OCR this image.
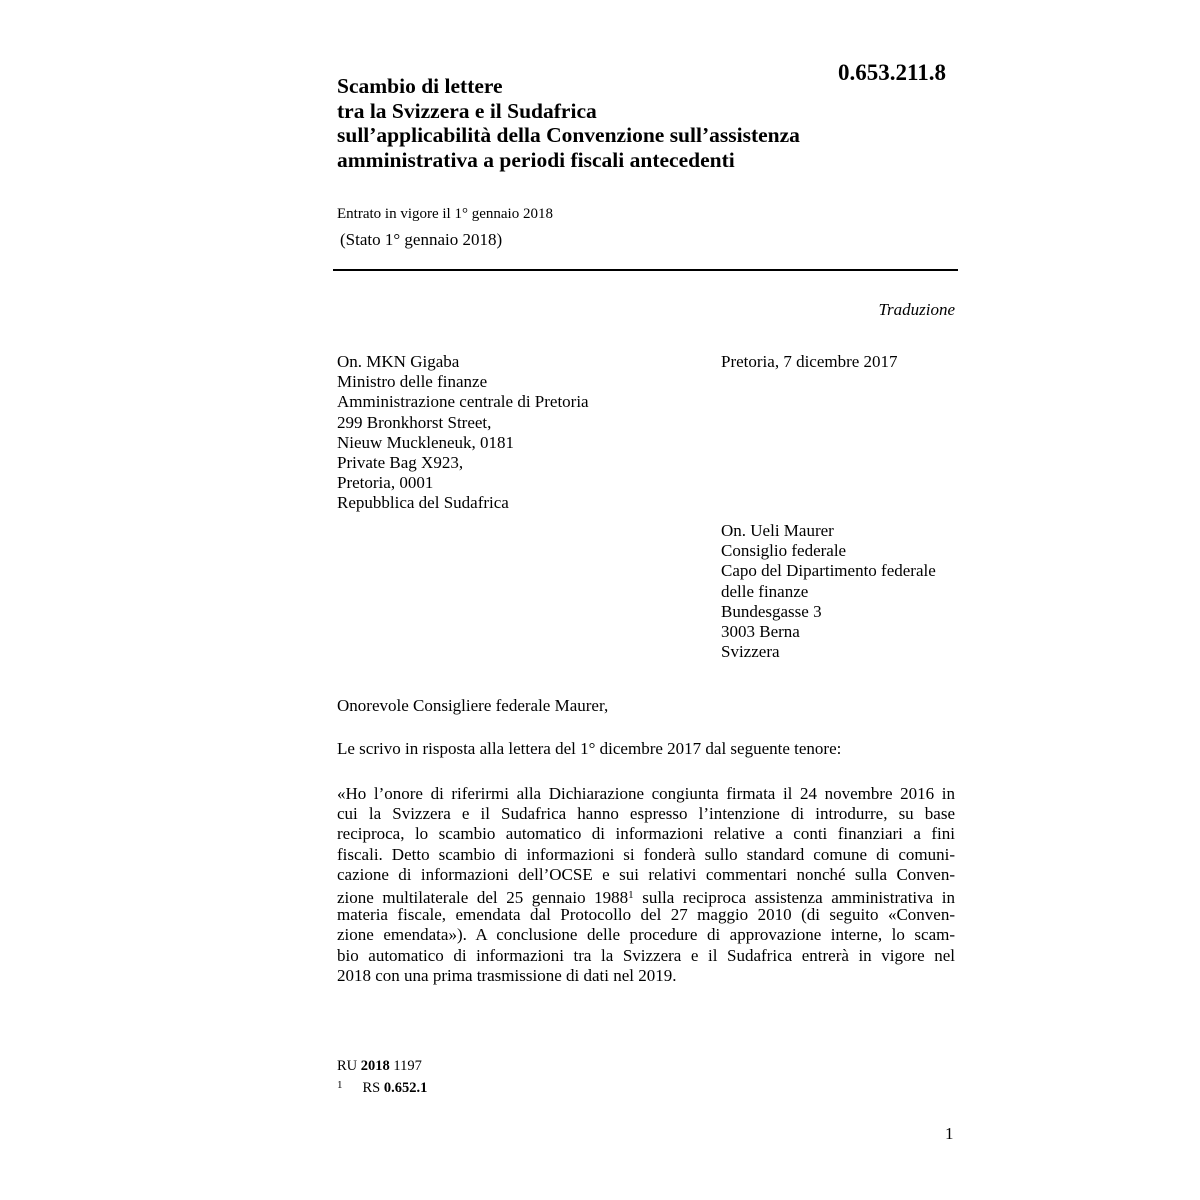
0.653.211.8
Scambio di lettere
tra la Svizzera e il Sudafrica
sull’applicabilità della Convenzione sull’assistenza
amministrativa a periodi fiscali antecedenti
Entrato in vigore il 1° gennaio 2018
(Stato 1° gennaio 2018)
Traduzione
On. MKN Gigaba
Ministro delle finanze
Amministrazione centrale di Pretoria
299 Bronkhorst Street,
Nieuw Muckleneuk, 0181
Private Bag X923,
Pretoria, 0001
Repubblica del Sudafrica
Pretoria, 7 dicembre 2017
On. Ueli Maurer
Consiglio federale
Capo del Dipartimento federale
delle finanze
Bundesgasse 3
3003 Berna
Svizzera
Onorevole Consigliere federale Maurer,
Le scrivo in risposta alla lettera del 1° dicembre 2017 dal seguente tenore:
«Ho l’onore di riferirmi alla Dichiarazione congiunta firmata il 24 novembre 2016 in
cui la Svizzera e il Sudafrica hanno espresso l’intenzione di introdurre, su base
reciproca, lo scambio automatico di informazioni relative a conti finanziari a fini
fiscali. Detto scambio di informazioni si fonderà sullo standard comune di comuni-
cazione di informazioni dell’OCSE e sui relativi commentari nonché sulla Conven-
zione multilaterale del 25 gennaio 1988$^1$ sulla reciproca assistenza amministrativa in
materia fiscale, emendata dal Protocollo del 27 maggio 2010 (di seguito «Conven-
zione emendata»). A conclusione delle procedure di approvazione interne, lo scam-
bio automatico di informazioni tra la Svizzera e il Sudafrica entrerà in vigore nel
2018 con una prima trasmissione di dati nel 2019.
RU 2018 1197
$^1$ RS 0.652.1
1
